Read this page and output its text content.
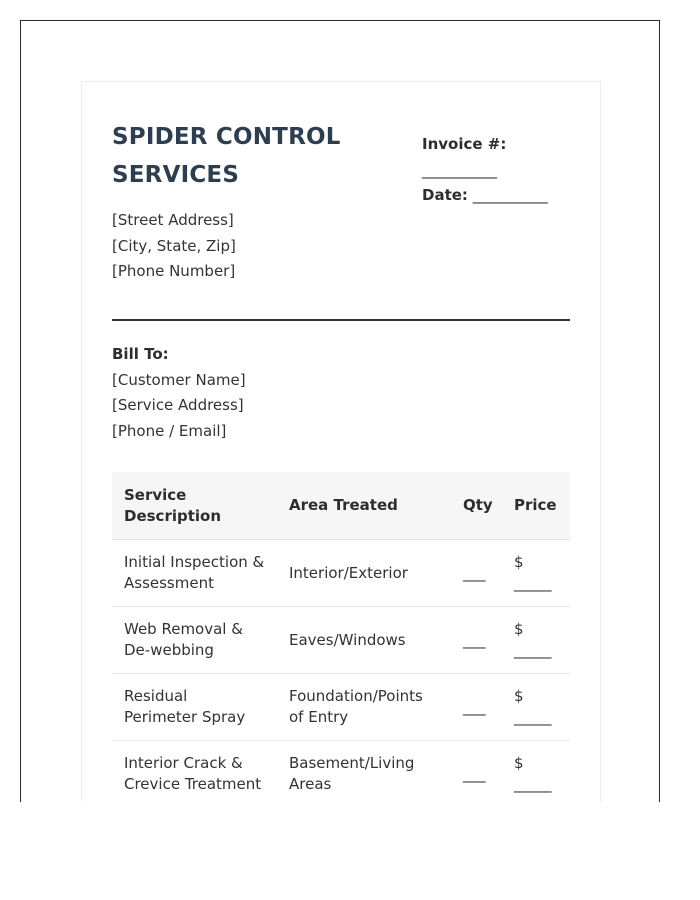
SPIDER CONTROL SERVICES
[Street Address]
[City, State, Zip]
[Phone Number]
Invoice #:
__________
Date: __________
Bill To:
[Customer Name]
[Service Address]
[Phone / Email]
Service Description	Area Treated	Qty	Price
Initial Inspection & Assessment	Interior/Exterior	___	$
_____

Web Removal & De-webbing	Eaves/Windows	___	$
_____

Residual Perimeter Spray	Foundation/Points of Entry	___	$
_____

Interior Crack & Crevice Treatment	Basement/Living Areas	___	$
_____
